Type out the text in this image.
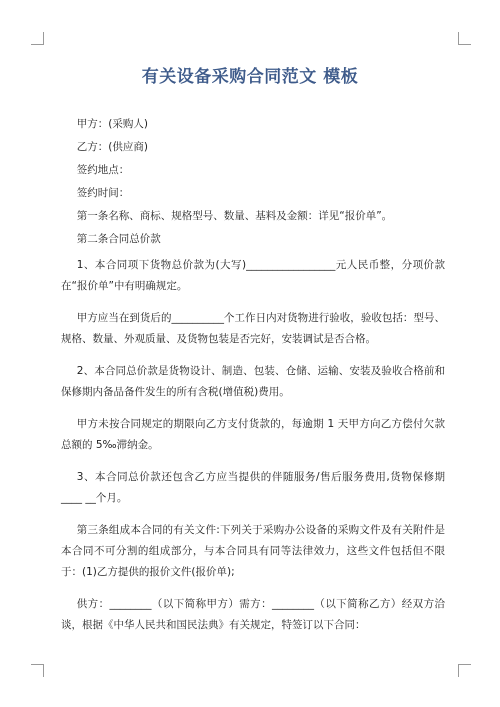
有关设备采购合同范文 模板

甲方：(采购人)

乙方：(供应商)

签约地点：

签约时间：

第一条名称、商标、规格型号、数量、基料及金额：详见“报价单”。

第二条合同总价款

1、本合同项下货物总价款为(大写)_________________元人民币整，分项价款在“报价单”中有明确规定。

甲方应当在到货后的__________个工作日内对货物进行验收，验收包括：型号、规格、数量、外观质量、及货物包装是否完好，安装调试是否合格。

2、本合同总价款是货物设计、制造、包装、仓储、运输、安装及验收合格前和保修期内备品备件发生的所有含税(增值税)费用。

甲方未按合同规定的期限向乙方支付货款的，每逾期 1 天甲方向乙方偿付欠款总额的 5‰滞纳金。

3、本合同总价款还包含乙方应当提供的伴随服务/售后服务费用,货物保修期____ __个月。

第三条组成本合同的有关文件:下列关于采购办公设备的采购文件及有关附件是本合同不可分割的组成部分，与本合同具有同等法律效力，这些文件包括但不限于：(1)乙方提供的报价文件(报价单);

供方：________（以下简称甲方）需方：________（以下简称乙方）经双方洽谈，根据《中华人民共和国民法典》有关规定，特签订以下合同：
